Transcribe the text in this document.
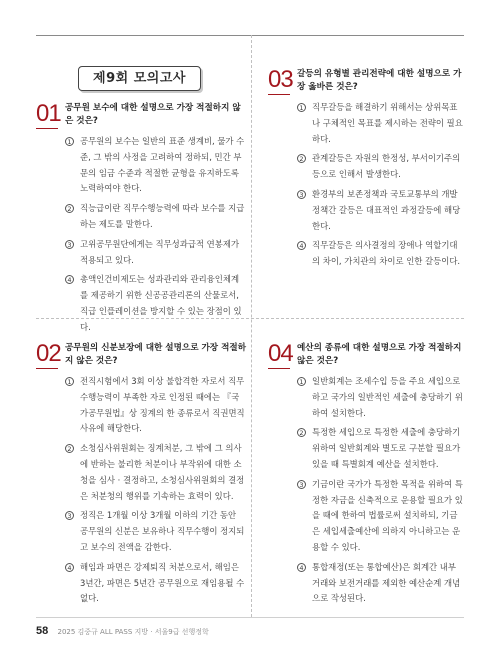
제9회 모의고사
01 공무원 보수에 대한 설명으로 가장 적절하지 않은 것은?
1 공무원의 보수는 일반의 표준 생계비, 물가 수준, 그 밖의 사정을 고려하여 정하되, 민간 부문의 임금 수준과 적절한 균형을 유지하도록 노력하여야 한다.
2 직능급이란 직무수행능력에 따라 보수를 지급하는 제도를 말한다.
3 고위공무원단에게는 직무성과급적 연봉제가 적용되고 있다.
4 총액인건비제도는 성과관리와 관리융인체계를 제공하기 위한 신공공관리론의 산물로서, 직급 인플레이션을 방지할 수 있는 장점이 있다.
02 공무원의 신분보장에 대한 설명으로 가장 적절하지 않은 것은?
1 전직시험에서 3회 이상 불합격한 자로서 직무수행능력이 부족한 자로 인정된 때에는 『국가공무원법』상 징계의 한 종류로서 직권면직 사유에 해당한다.
2 소청심사위원회는 징계처분, 그 밖에 그 의사에 반하는 불리한 처분이나 부작위에 대한 소청을 심사 · 결정하고, 소청심사위원회의 결정은 처분청의 행위를 기속하는 효력이 있다.
3 정직은 1개월 이상 3개월 이하의 기간 동안 공무원의 신분은 보유하나 직무수행이 정지되고 보수의 전액을 감한다.
4 해임과 파면은 강제퇴직 처분으로서, 해임은 3년간, 파면은 5년간 공무원으로 재임용될 수 없다.
03 갈등의 유형별 관리전략에 대한 설명으로 가장 옳바른 것은?
1 직무갈등을 해결하기 위해서는 상위목표나 구체적인 목표를 제시하는 전략이 필요하다.
2 관계갈등은 자원의 한정성, 부서이기주의 등으로 인해서 발생한다.
3 환경부의 보존정책과 국토교통부의 개발정책간 갈등은 대표적인 과정갈등에 해당한다.
4 직무갈등은 의사결정의 장애나 역할기대의 차이, 가치관의 차이로 인한 갈등이다.
04 예산의 종류에 대한 설명으로 가장 적절하지 않은 것은?
1 일반회계는 조세수입 등을 주요 세입으로 하고 국가의 일반적인 세출에 충당하기 위하여 설치한다.
2 특정한 세입으로 특정한 세출에 충당하기 위하여 일반회계와 별도로 구분할 필요가 있을 때 특별회계 예산을 설치한다.
3 기금이란 국가가 특정한 목적을 위하여 특정한 자금을 신축적으로 운용할 필요가 있을 때에 한하여 법률로써 설치하되, 기금은 세입세출예산에 의하지 아니하고는 운용할 수 있다.
4 통합재정(또는 통합예산)은 회계간 내부거래와 보전거래를 제외한 예산순계 개념으로 작성된다.
58 2025 김중규 ALL PASS 지방 · 서울9급 선행정학
